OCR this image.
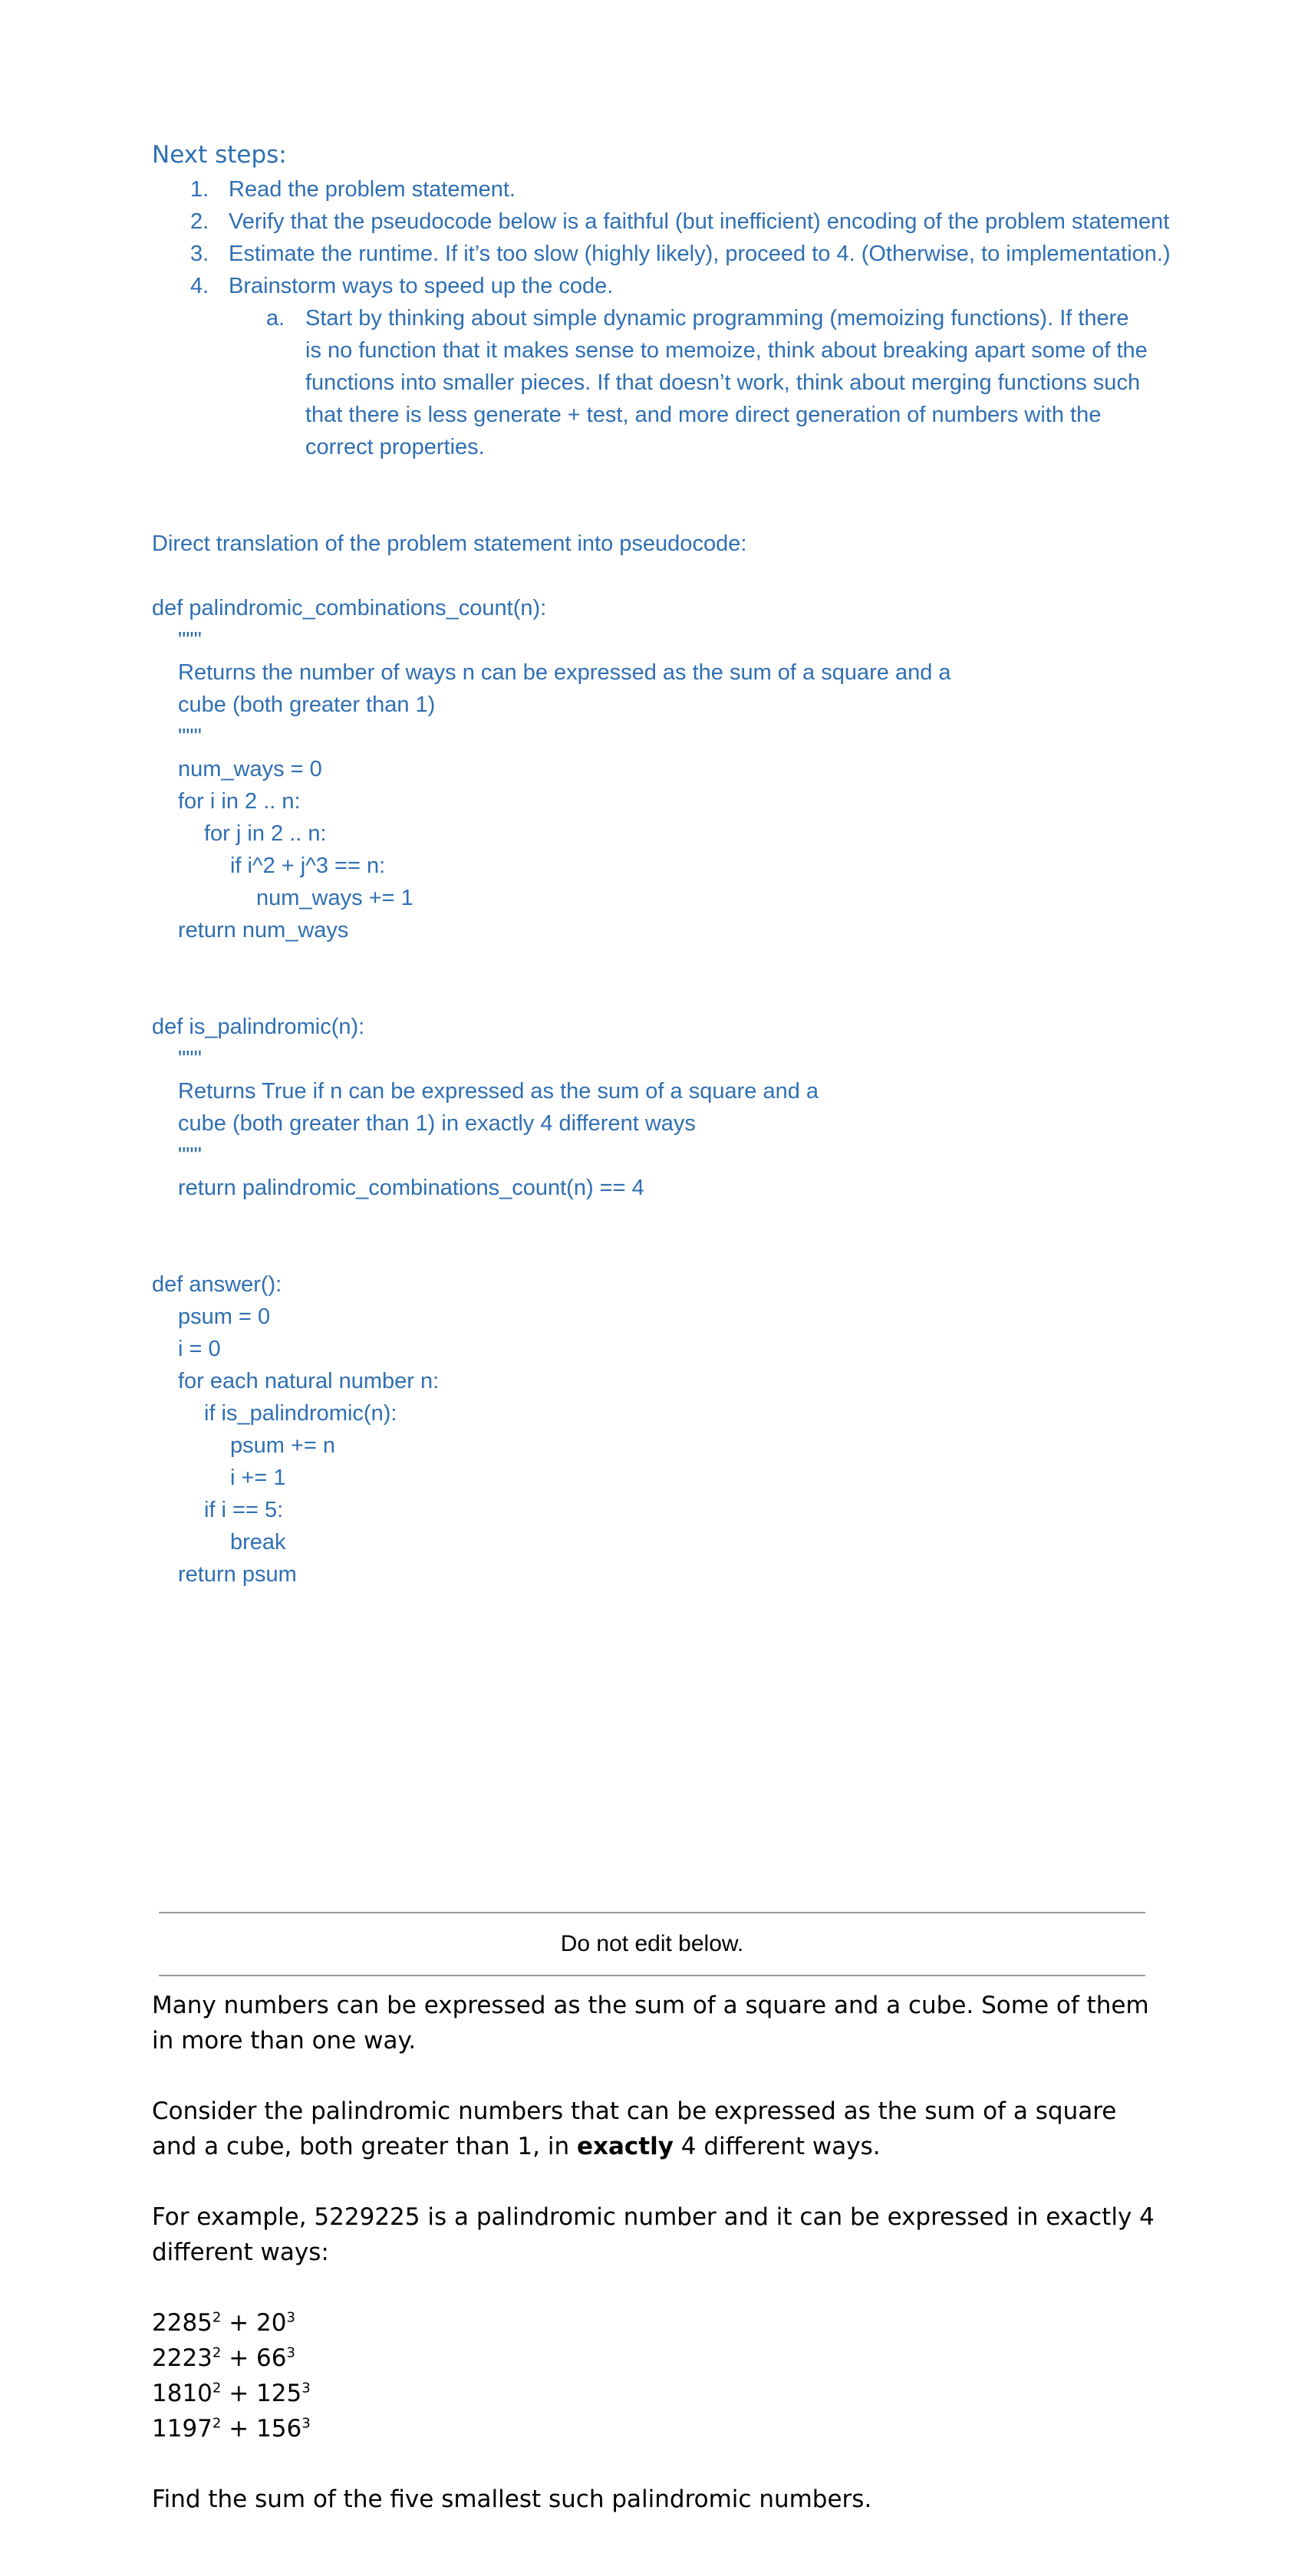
Next steps:
1. Read the problem statement.
2. Verify that the pseudocode below is a faithful (but inefficient) encoding of the problem statement
3. Estimate the runtime. If it’s too slow (highly likely), proceed to 4. (Otherwise, to implementation.)
4. Brainstorm ways to speed up the code.
a. Start by thinking about simple dynamic programming (memoizing functions). If there is no function that it makes sense to memoize, think about breaking apart some of the functions into smaller pieces. If that doesn’t work, think about merging functions such that there is less generate + test, and more direct generation of numbers with the correct properties.
Direct translation of the problem statement into pseudocode:
def palindromic_combinations_count(n):
"""
Returns the number of ways n can be expressed as the sum of a square and a
cube (both greater than 1)
"""
num_ways = 0
for i in 2 .. n:
for j in 2 .. n:
if i^2 + j^3 == n:
num_ways += 1
return num_ways
def is_palindromic(n):
"""
Returns True if n can be expressed as the sum of a square and a
cube (both greater than 1) in exactly 4 different ways
"""
return palindromic_combinations_count(n) == 4
def answer():
psum = 0
i = 0
for each natural number n:
if is_palindromic(n):
psum += n
i += 1
if i == 5:
break
return psum
Do not edit below.

Many numbers can be expressed as the sum of a square and a cube. Some of them in more than one way.

Consider the palindromic numbers that can be expressed as the sum of a square and a cube, both greater than 1, in exactly 4 different ways.

For example, 5229225 is a palindromic number and it can be expressed in exactly 4 different ways:

$2285^2 + 20^3$
$2223^2 + 66^3$
$1810^2 + 125^3$
$1197^2 + 156^3$

Find the sum of the five smallest such palindromic numbers.
